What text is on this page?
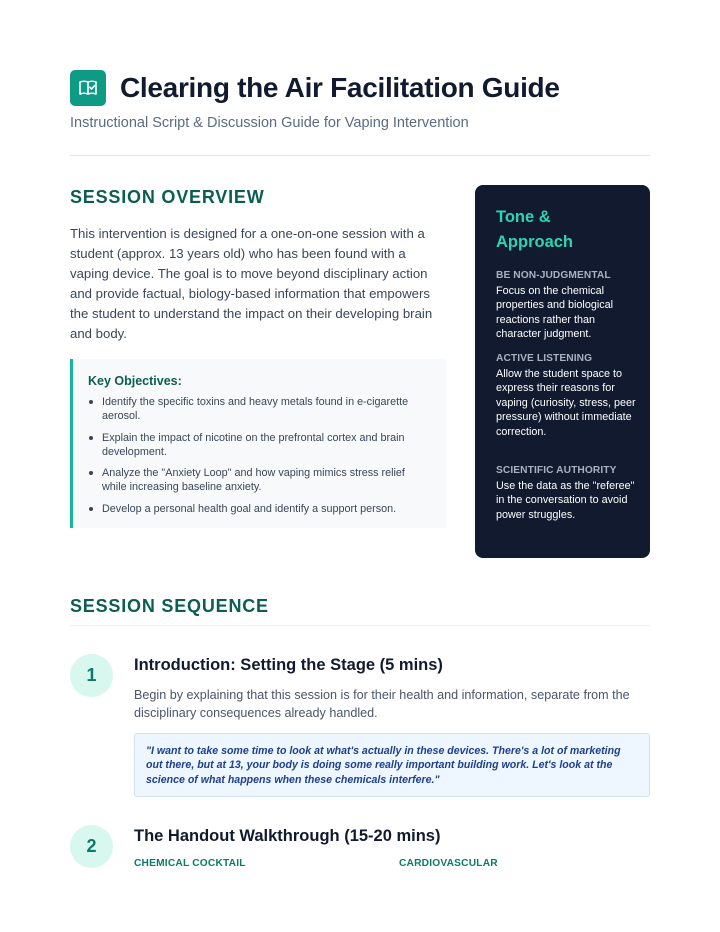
Clearing the Air Facilitation Guide
Instructional Script & Discussion Guide for Vaping Intervention
SESSION OVERVIEW

This intervention is designed for a one-on-one session with a student (approx. 13 years old) who has been found with a vaping device. The goal is to move beyond disciplinary action and provide factual, biology-based information that empowers the student to understand the impact on their developing brain and body.

Key Objectives:
Identify the specific toxins and heavy metals found in e-cigarette aerosol.
Explain the impact of nicotine on the prefrontal cortex and brain development.
Analyze the "Anxiety Loop" and how vaping mimics stress relief while increasing baseline anxiety.
Develop a personal health goal and identify a support person.
Tone & Approach
BE NON-JUDGMENTAL
Focus on the chemical properties and biological reactions rather than character judgment.
ACTIVE LISTENING
Allow the student space to express their reasons for vaping (curiosity, stress, peer pressure) without immediate correction.
SCIENTIFIC AUTHORITY
Use the data as the "referee" in the conversation to avoid power struggles.
SESSION SEQUENCE
1	Introduction: Setting the Stage (5 mins)

Begin by explaining that this session is for their health and information, separate from the disciplinary consequences already handled.

"I want to take some time to look at what's actually in these devices. There's a lot of marketing out there, but at 13, your body is doing some really important building work. Let's look at the science of what happens when these chemicals interfere."
2	The Handout Walkthrough (15-20 mins)
CHEMICAL COCKTAIL	CARDIOVASCULAR
